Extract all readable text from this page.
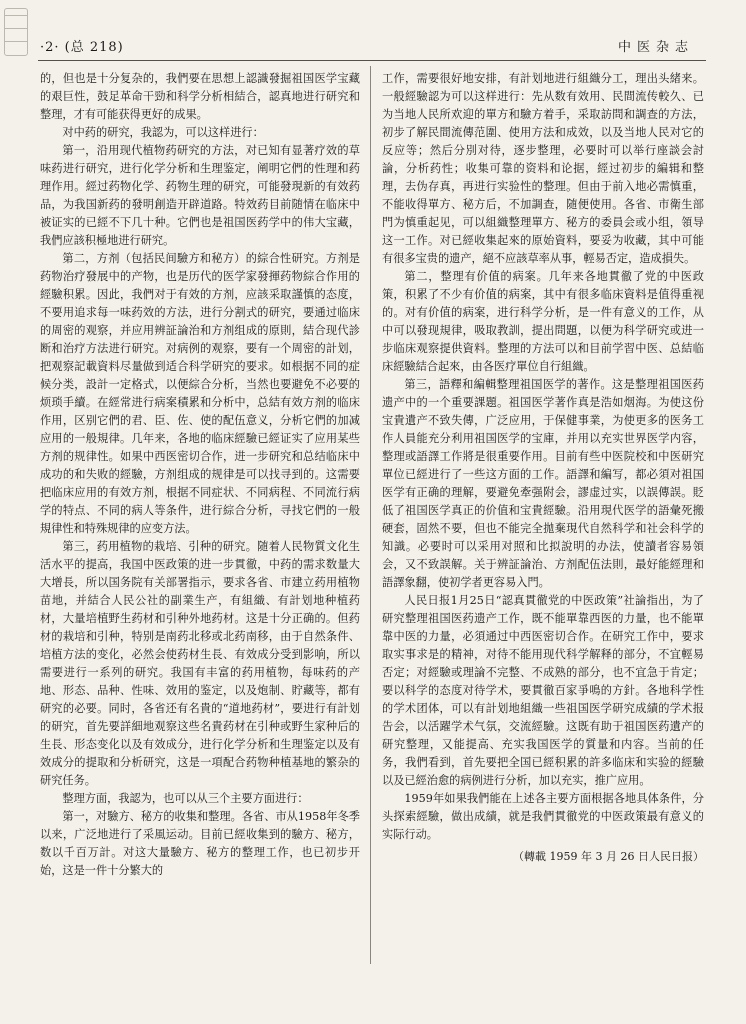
·2· (总 218)	中医杂志

的，但也是十分复杂的，我們要在思想上認識發掘祖国医学宝藏的艰巨性，鼓足革命干勁和科学分析相結合，認真地进行研究和整理，才有可能获得更好的成果。

对中药的研究，我認为，可以这样进行：

第一，沿用现代植物药研究的方法，对已知有显著疗效的草味药进行研究，进行化学分析和生理鉴定，阐明它們的性理和药理作用。經过药物化学、药物生理的研究，可能發現新的有效药品，为我国新药的發明創造开辟道路。特效药目前随情在临床中被证实的已經不下几十种。它們也是祖国医药学中的伟大宝藏，我們应該积極地进行研究。

第二，方剂（包括民间驗方和秘方）的綜合性研究。方剂是药物治疗發展中的产物，也是历代的医学家發揮药物綜合作用的經驗积累。因此，我們对于有效的方剂，应該采取謹慎的态度，不要用追求每一味药效的方法，进行分割式的研究，要通过临床的周密的观察，并应用辨証論治和方剂组成的原則，結合现代診断和治疗方法进行研究。对病例的观察，要有一个周密的計划，把观察記載資料尽量做到适合科学研究的要求。如根据不同的症候分类，設計一定格式，以便綜合分析，当然也要避免不必要的烦琐手續。在經常进行病案積累和分析中，总結有效方剂的临床作用，区别它們的君、臣、佐、使的配伍意义，分析它們的加减应用的一般規律。几年来，各地的临床經驗已經证实了应用某些方剂的规律性。如果中西医密切合作，进一步研究和总结临床中成功的和失败的經驗，方剂组成的规律是可以找寻到的。这需要把临床应用的有效方剂，根据不同症状、不同病程、不同流行病学的特点、不同的病人等条件，进行綜合分析，寻找它們的一般規律性和特殊规律的应变方法。

第三，药用植物的栽培、引种的研究。随着人民物質文化生活水平的提高，我国中医政策的进一步貫徹，中药的需求数量大大增長，所以国务院有关部署指示，要求各省、市建立药用植物苗地，并結合人民公社的副業生产，有組織、有計划地种植药材，大量培植野生药材和引种外地药材。这是十分正确的。但药材的栽培和引种，特别是南药北移或北药南移，由于自然条件、培植方法的变化，必然会使药材生長、有效成分受到影响，所以需要进行一系列的研究。我国有丰富的药用植物，每味药的产地、形态、品种、性味、效用的鉴定，以及炮制、貯藏等，都有研究的必要。同时，各省还有名貴的“道地药材”，要进行有計划的研究，首先要詳細地观察这些名貴药材在引种或野生家种后的生長、形态变化以及有效成分，进行化学分析和生理鉴定以及有效成分的提取和分析研究，这是一項配合药物种植基地的繁杂的研究任务。

整理方面，我認为，也可以从三个主要方面进行：

第一，对驗方、秘方的收集和整理。各省、市从1958年冬季以来，广泛地进行了采風运动。目前已經收集到的驗方、秘方，数以千百万計。对这大量驗方、秘方的整理工作，也已初步开始，这是一件十分繁大的

工作，需要很好地安排，有計划地进行組織分工，理出头緒来。一般經驗認为可以这样进行：先从数有效用、民間流传較久、已为当地人民所欢迎的單方和驗方着手，采取訪問和調查的方法，初步了解民間流傳范圍、使用方法和成效，以及当地人民对它的反应等；然后分別对待，逐步整理，必要时可以举行座談会討論，分析药性；收集可靠的资料和论据，經过初步的編辑和整理，去伪存真，再进行实验性的整理。但由于前入地必需慎重，不能收得單方、秘方后，不加調查，随便使用。各省、市衛生部門为慎重起见，可以組織整理單方、秘方的委員会或小组，領导这一工作。对已經收集起來的原始資料，要妥为收藏，其中可能有很多宝贵的遗产，絕不应該草率从事，輕易否定，造成損失。

第二，整理有价值的病案。几年来各地貫徹了党的中医政策，积累了不少有价值的病案，其中有很多临床資料是值得重视的。对有价值的病案，进行科学分析，是一件有意义的工作，从中可以發现規律，吸取教訓，提出問題，以便为科学研究或进一步临床观察提供資料。整理的方法可以和目前学習中医、总結临床經驗結合起來，由各医疗單位自行組織。

第三，語釋和編輯整理祖国医学的著作。这是整理祖国医药遗产中的一个重要課題。祖国医学著作真是浩如烟海。为使这份宝貴遺产不致失傳，广泛应用，于保健事業，为使更多的医务工作人員能充分利用祖国医学的宝庫，并用以充实世界医学内容，整理或語譯工作將是很重要作用。目前有些中医院校和中医研究單位已經进行了一些这方面的工作。語譯和編写，都必須对祖国医学有正确的理解，要避免牽强附会，謬虚过实，以誤傳誤。貶低了祖国医学真正的价值和宝貴經驗。沿用現代医学的語彙死搬硬套，固然不要，但也不能完全拋棄現代自然科学和社会科学的知識。必要时可以采用对照和比拟說明的办法，使讀者容易領会，又不致誤解。关于辨証論治、方剂配伍法則，最好能經理和語譯象翻，使初学者更容易入門。

人民日报1月25日“認真貫徹党的中医政策”社論指出，为了研究整理祖国医药遗产工作，既不能單靠西医的力量，也不能單靠中医的力量，必須通过中西医密切合作。在研究工作中，要求取实事求是的精神，对待不能用现代科学解释的部分，不宜輕易否定；对經驗或理論不完整、不成熟的部分，也不宜急于肯定；要以科学的态度对待学术，要貫徹百家爭鳴的方針。各地科学性的学术团体，可以有計划地組織一些祖国医学研究成績的学术报告会，以活躍学术气氛，交流經驗。这既有助于祖国医药遺产的研究整理，又能提高、充实我国医学的質量和内容。当前的任务，我們看到，首先要把全国已經积累的許多临床和实验的經驗以及已經治愈的病例进行分析，加以充实，推广应用。

1959年如果我們能在上述各主要方面根据各地具体条件，分头探索經驗，做出成績，就是我們貫徹党的中医政策最有意义的实际行动。

（轉載 1959 年 3 月 26 日人民日报）
